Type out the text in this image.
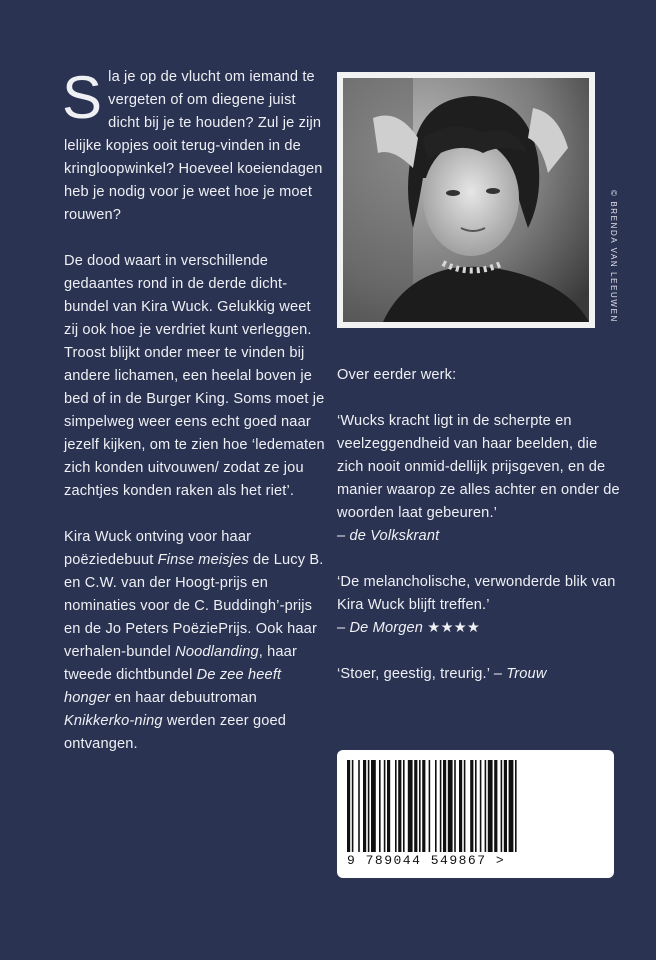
Sla je op de vlucht om iemand te vergeten of om diegene juist dicht bij je te houden? Zul je zijn lelijke kopjes ooit terug-vinden in de kringloopwinkel? Hoeveel koeiendagen heb je nodig voor je weet hoe je moet rouwen?

De dood waart in verschillende gedaantes rond in de derde dicht-bundel van Kira Wuck. Gelukkig weet zij ook hoe je verdriet kunt verleggen. Troost blijkt onder meer te vinden bij andere lichamen, een heelal boven je bed of in de Burger King. Soms moet je simpelweg weer eens echt goed naar jezelf kijken, om te zien hoe ‘ledematen zich konden uitvouwen/ zodat ze jou zachtjes konden raken als het riet’.

Kira Wuck ontving voor haar poëziedebuut Finse meisjes de Lucy B. en C.W. van der Hoogt-prijs en nominaties voor de C. Buddingh’-prijs en de Jo Peters PoëziePrijs. Ook haar verhalen-bundel Noodlanding, haar tweede dichtbundel De zee heeft honger en haar debuutroman Knikkerko-ning werden zeer goed ontvangen.

© BRENDA VAN LEEUWEN

Over eerder werk:

‘Wucks kracht ligt in de scherpte en veelzeggendheid van haar beelden, die zich nooit onmid-dellijk prijsgeven, en de manier waarop ze alles achter en onder de woorden laat gebeuren.’
– de Volkskrant

‘De melancholische, verwonderde blik van Kira Wuck blijft treffen.’
– De Morgen ★★★★

‘Stoer, geestig, treurig.’ – Trouw

9 789044 549867 >
